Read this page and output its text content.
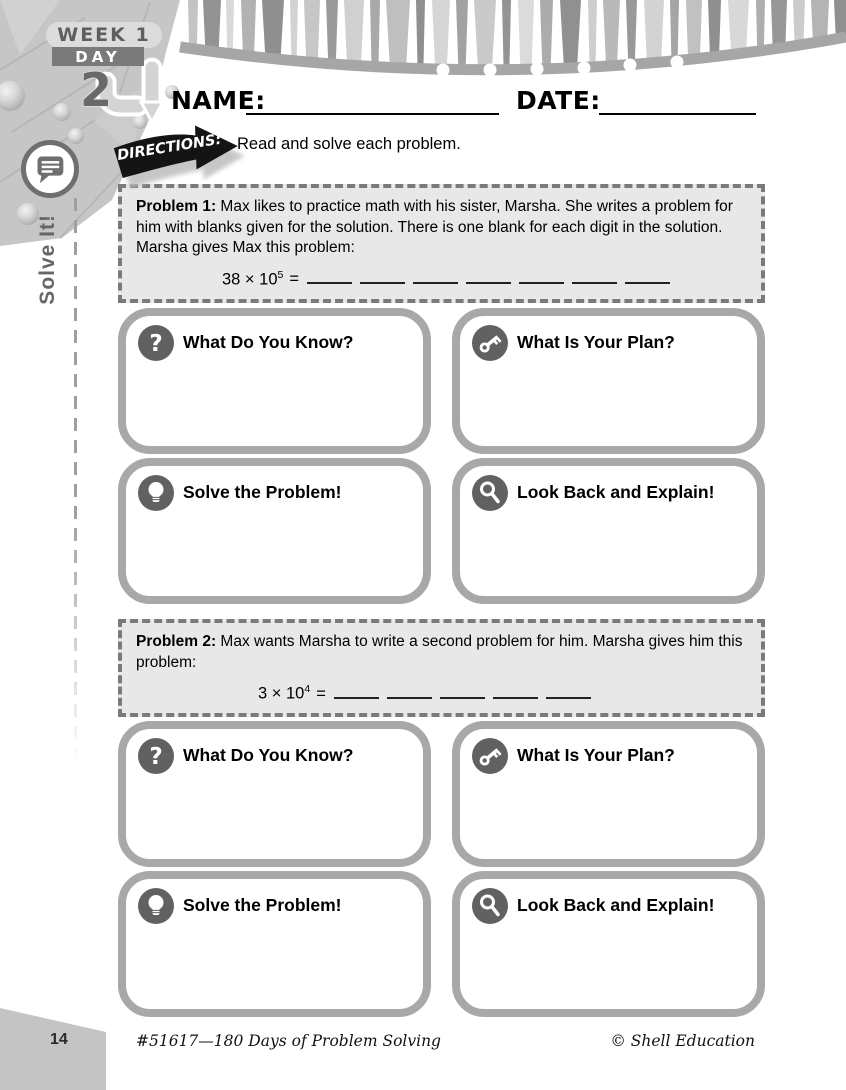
WEEK 1
DAY
2
Solve It!
NAME:	DATE:
DIRECTIONS: Read and solve each problem.
Problem 1: Max likes to practice math with his sister, Marsha. She writes a problem for him with blanks given for the solution. There is one blank for each digit in the solution. Marsha gives Max this problem:
$38 \times 10^5$ =
? What Do You Know?	What Is Your Plan?
Solve the Problem!	Look Back and Explain!
Problem 2: Max wants Marsha to write a second problem for him. Marsha gives him this problem:
$3 \times 10^4$ =
? What Do You Know?	What Is Your Plan?
Solve the Problem!	Look Back and Explain!
14	#51617—180 Days of Problem Solving	© Shell Education
